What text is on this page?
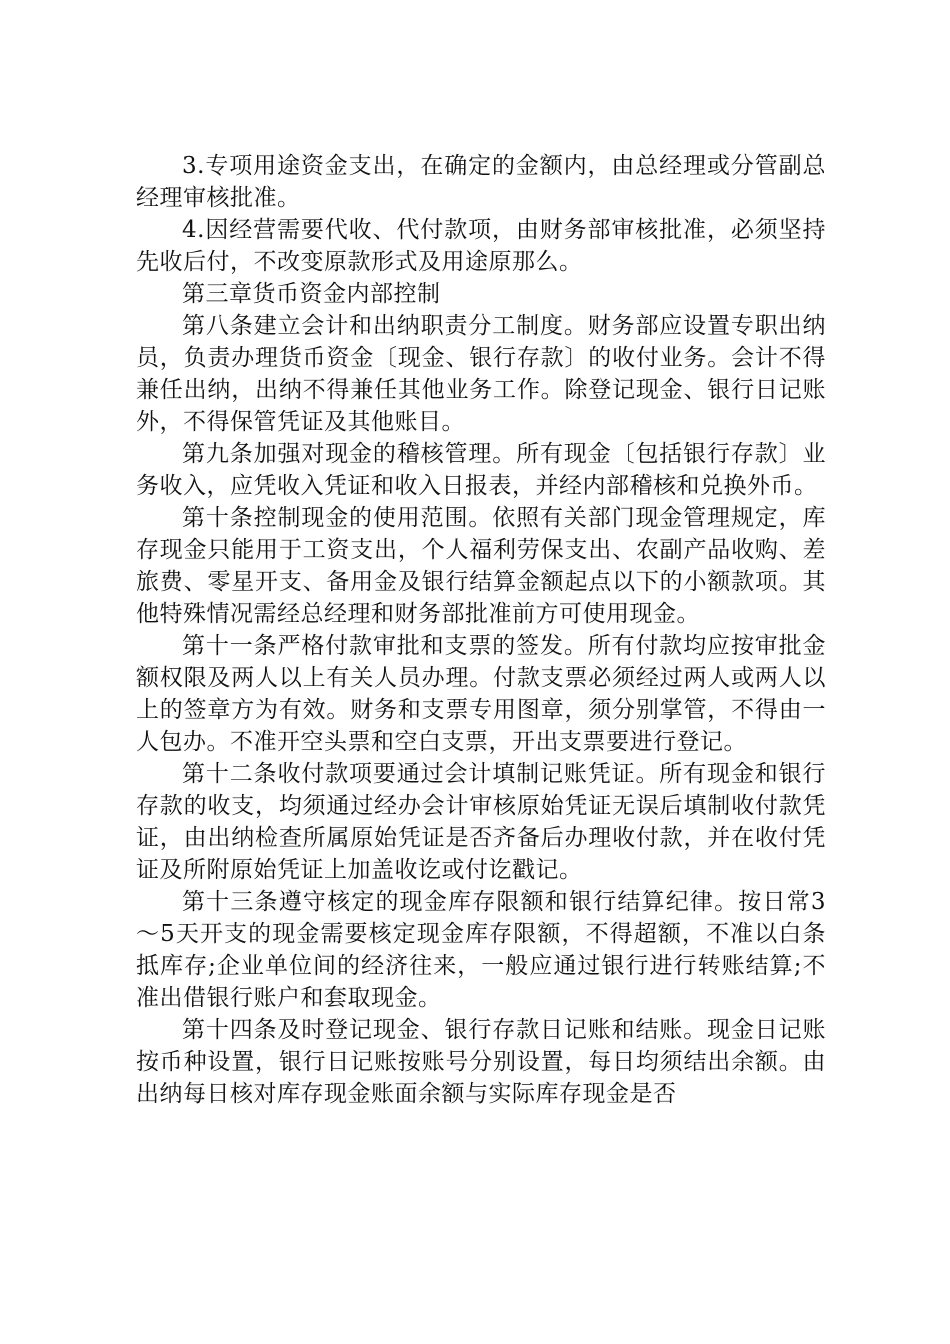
3.专项用途资金支出，在确定的金额内，由总经理或分管副总经理审核批准。

4.因经营需要代收、代付款项，由财务部审核批准，必须坚持先收后付，不改变原款形式及用途原那么。

第三章货币资金内部控制

第八条建立会计和出纳职责分工制度。财务部应设置专职出纳员，负责办理货币资金〔现金、银行存款〕的收付业务。会计不得兼任出纳，出纳不得兼任其他业务工作。除登记现金、银行日记账外，不得保管凭证及其他账目。

第九条加强对现金的稽核管理。所有现金〔包括银行存款〕业务收入，应凭收入凭证和收入日报表，并经内部稽核和兑换外币。

第十条控制现金的使用范围。依照有关部门现金管理规定，库存现金只能用于工资支出，个人福利劳保支出、农副产品收购、差旅费、零星开支、备用金及银行结算金额起点以下的小额款项。其他特殊情况需经总经理和财务部批准前方可使用现金。

第十一条严格付款审批和支票的签发。所有付款均应按审批金额权限及两人以上有关人员办理。付款支票必须经过两人或两人以上的签章方为有效。财务和支票专用图章，须分别掌管，不得由一人包办。不准开空头票和空白支票，开出支票要进行登记。

第十二条收付款项要通过会计填制记账凭证。所有现金和银行存款的收支，均须通过经办会计审核原始凭证无误后填制收付款凭证，由出纳检查所属原始凭证是否齐备后办理收付款，并在收付凭证及所附原始凭证上加盖收讫或付讫戳记。

第十三条遵守核定的现金库存限额和银行结算纪律。按日常3～5天开支的现金需要核定现金库存限额，不得超额，不准以白条抵库存;企业单位间的经济往来，一般应通过银行进行转账结算;不准出借银行账户和套取现金。

第十四条及时登记现金、银行存款日记账和结账。现金日记账按币种设置，银行日记账按账号分别设置，每日均须结出余额。由出纳每日核对库存现金账面余额与实际库存现金是否
